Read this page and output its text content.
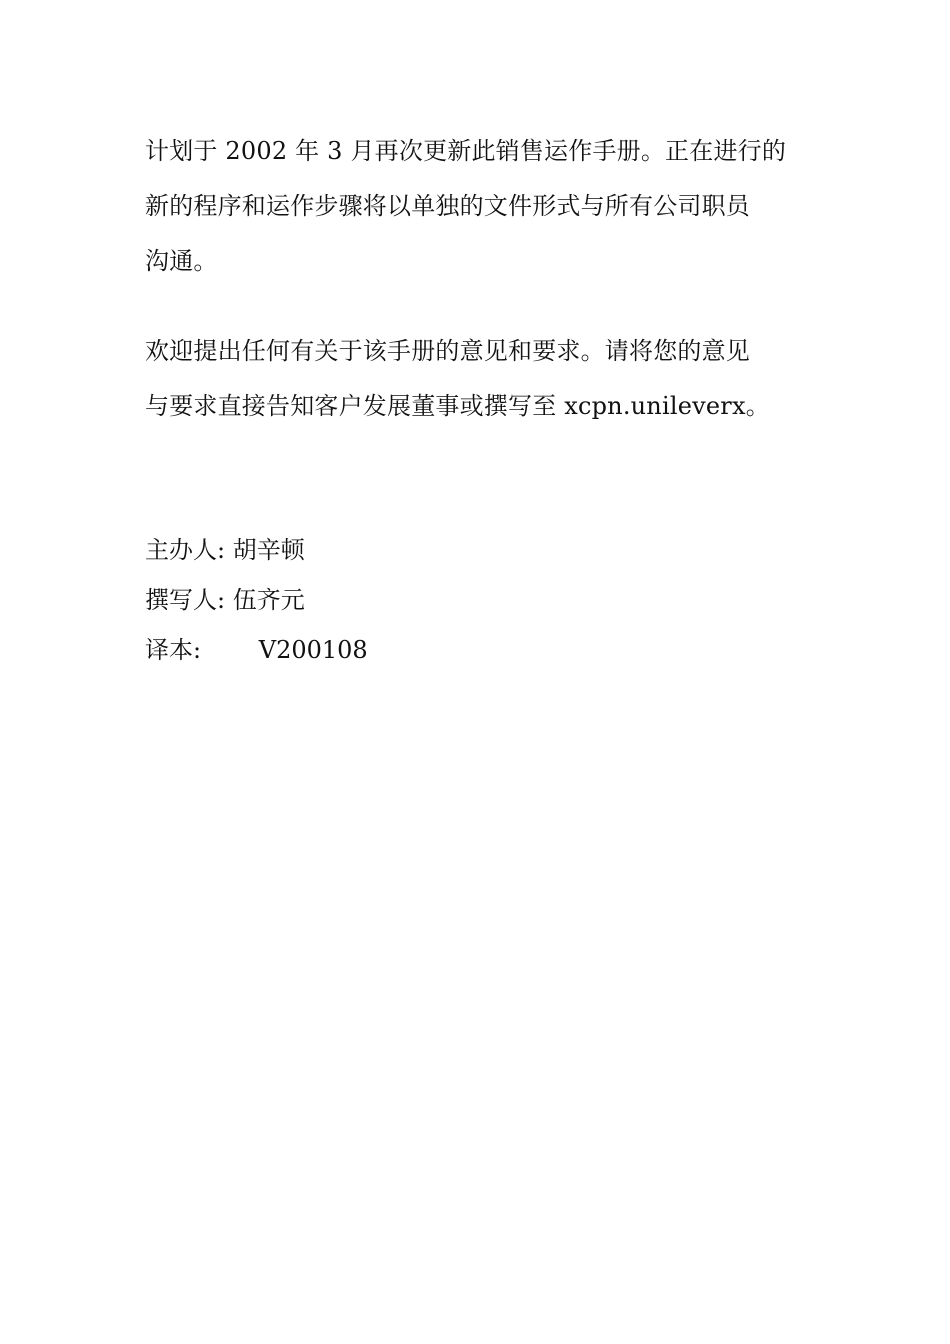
计划于 2002 年 3 月再次更新此销售运作手册。正在进行的
新的程序和运作步骤将以单独的文件形式与所有公司职员
沟通。
欢迎提出任何有关于该手册的意见和要求。请将您的意见
与要求直接告知客户发展董事或撰写至 xcpn.unileverx。
主办人: 胡辛顿
撰写人: 伍齐元
译本: V200108
